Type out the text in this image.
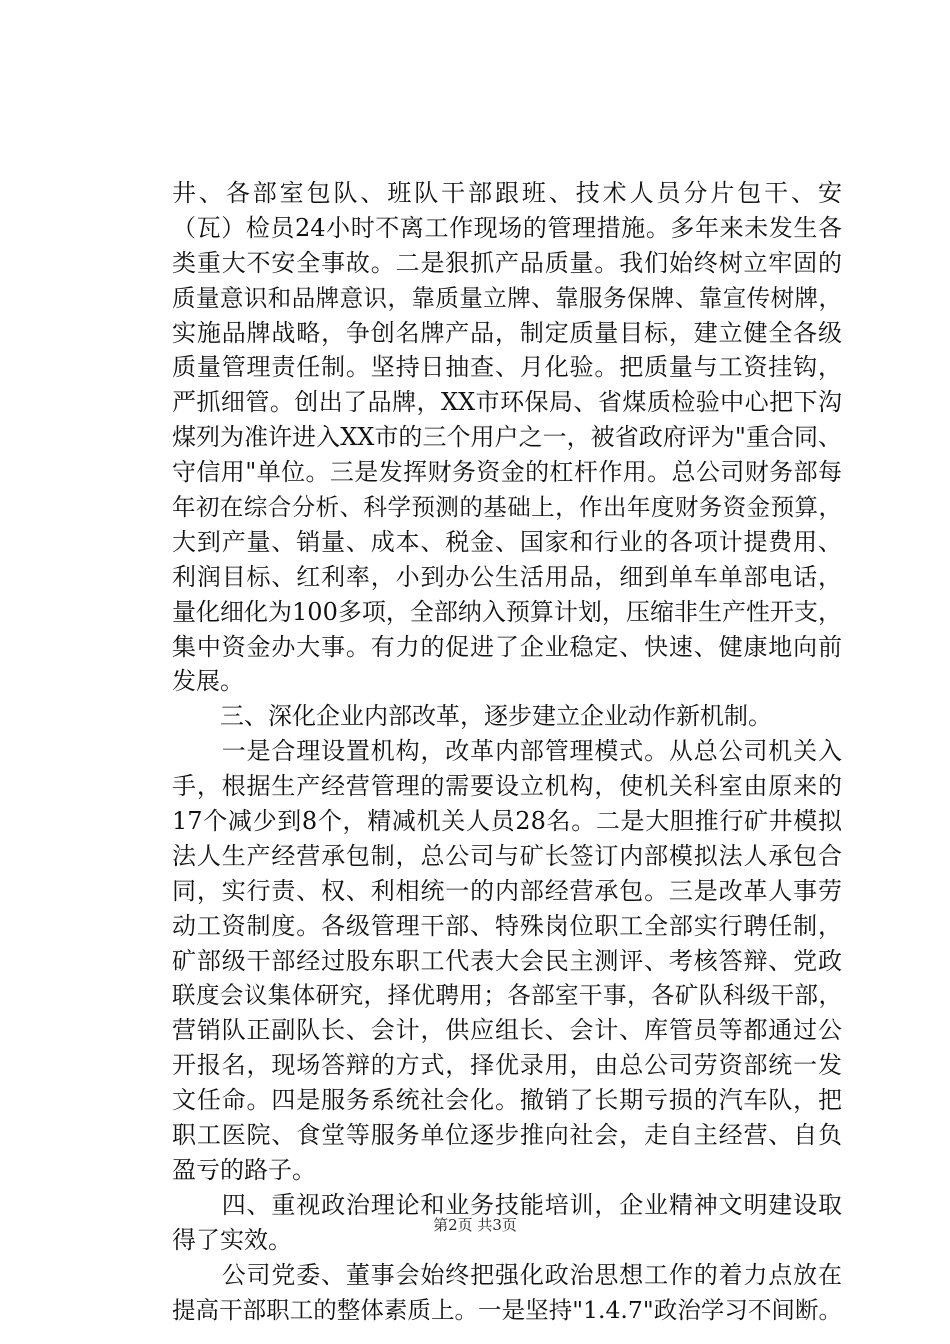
井、各部室包队、班队干部跟班、技术人员分片包干、安
（瓦）检员24小时不离工作现场的管理措施。多年来未发生各
类重大不安全事故。二是狠抓产品质量。我们始终树立牢固的
质量意识和品牌意识，靠质量立牌、靠服务保牌、靠宣传树牌，
实施品牌战略，争创名牌产品，制定质量目标，建立健全各级
质量管理责任制。坚持日抽查、月化验。把质量与工资挂钩，
严抓细管。创出了品牌，XX市环保局、省煤质检验中心把下沟
煤列为准许进入XX市的三个用户之一，被省政府评为"重合同、
守信用"单位。三是发挥财务资金的杠杆作用。总公司财务部每
年初在综合分析、科学预测的基础上，作出年度财务资金预算，
大到产量、销量、成本、税金、国家和行业的各项计提费用、
利润目标、红利率，小到办公生活用品，细到单车单部电话，
量化细化为100多项，全部纳入预算计划，压缩非生产性开支，
集中资金办大事。有力的促进了企业稳定、快速、健康地向前
发展。
　　三、深化企业内部改革，逐步建立企业动作新机制。
　　一是合理设置机构，改革内部管理模式。从总公司机关入
手，根据生产经营管理的需要设立机构，使机关科室由原来的
17个减少到8个，精减机关人员28名。二是大胆推行矿井模拟
法人生产经营承包制，总公司与矿长签订内部模拟法人承包合
同，实行责、权、利相统一的内部经营承包。三是改革人事劳
动工资制度。各级管理干部、特殊岗位职工全部实行聘任制，
矿部级干部经过股东职工代表大会民主测评、考核答辩、党政
联度会议集体研究，择优聘用；各部室干事，各矿队科级干部，
营销队正副队长、会计，供应组长、会计、库管员等都通过公
开报名，现场答辩的方式，择优录用，由总公司劳资部统一发
文任命。四是服务系统社会化。撤销了长期亏损的汽车队，把
职工医院、食堂等服务单位逐步推向社会，走自主经营、自负
盈亏的路子。
　　四、重视政治理论和业务技能培训，企业精神文明建设取
得了实效。
　　公司党委、董事会始终把强化政治思想工作的着力点放在
提高干部职工的整体素质上。一是坚持"1.4.7"政治学习不间断。
第2页 共3页
